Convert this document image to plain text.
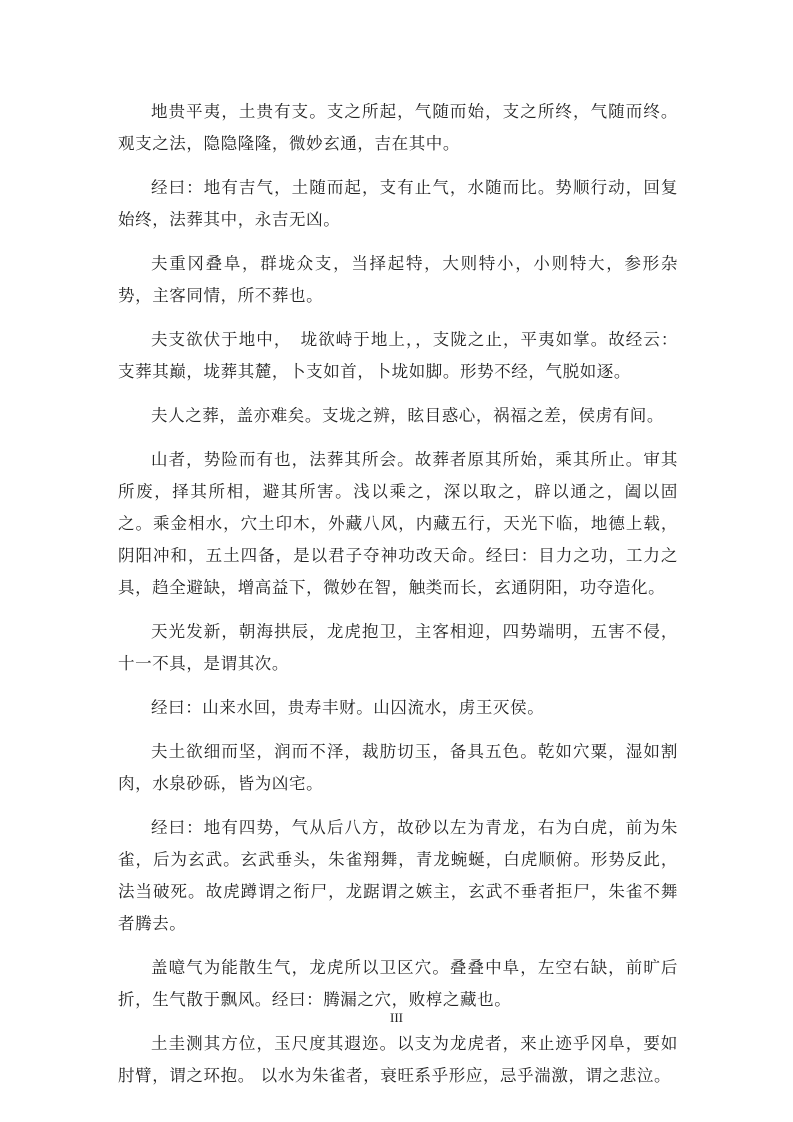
地贵平夷，土贵有支。支之所起，气随而始，支之所终，气随而终。观支之法，隐隐隆隆，微妙玄通，吉在其中。

经曰：地有吉气，土随而起，支有止气，水随而比。势顺行动，回复始终，法葬其中，永吉无凶。

夫重冈叠阜，群垅众支，当择起特，大则特小，小则特大，参形杂势，主客同情，所不葬也。

夫支欲伏于地中，　垅欲峙于地上，，支陇之止，平夷如掌。故经云：支葬其巅，垅葬其麓，卜支如首，卜垅如脚。形势不经，气脱如逐。

夫人之葬，盖亦难矣。支垅之辨，眩目惑心，祸福之差，侯虏有间。

山者，势险而有也，法葬其所会。故葬者原其所始，乘其所止。审其所废，择其所相，避其所害。浅以乘之，深以取之，辟以通之，阖以固之。乘金相水，穴土印木，外藏八风，内藏五行，天光下临，地德上载，阴阳冲和，五土四备，是以君子夺神功改天命。经曰：目力之功，工力之具，趋全避缺，增高益下，微妙在智，触类而长，玄通阴阳，功夺造化。

天光发新，朝海拱辰，龙虎抱卫，主客相迎，四势端明，五害不侵，十一不具，是谓其次。

经曰：山来水回，贵寿丰财。山囚流水，虏王灭侯。

夫土欲细而坚，润而不泽，裁肪切玉，备具五色。乾如穴粟，湿如割肉，水泉砂砾，皆为凶宅。

经曰：地有四势，气从后八方，故砂以左为青龙，右为白虎，前为朱雀，后为玄武。玄武垂头，朱雀翔舞，青龙蜿蜒，白虎顺俯。形势反此，法当破死。故虎蹲谓之衔尸，龙踞谓之嫉主，玄武不垂者拒尸，朱雀不舞者腾去。

盖噫气为能散生气，龙虎所以卫区穴。叠叠中阜，左空右缺，前旷后折，生气散于飘风。经曰：腾漏之穴，败椁之藏也。

土圭测其方位，玉尺度其遐迩。以支为龙虎者，来止迹乎冈阜，要如肘臂，谓之环抱。 以水为朱雀者，衰旺系乎形应，忌乎湍激，谓之悲泣。

III
